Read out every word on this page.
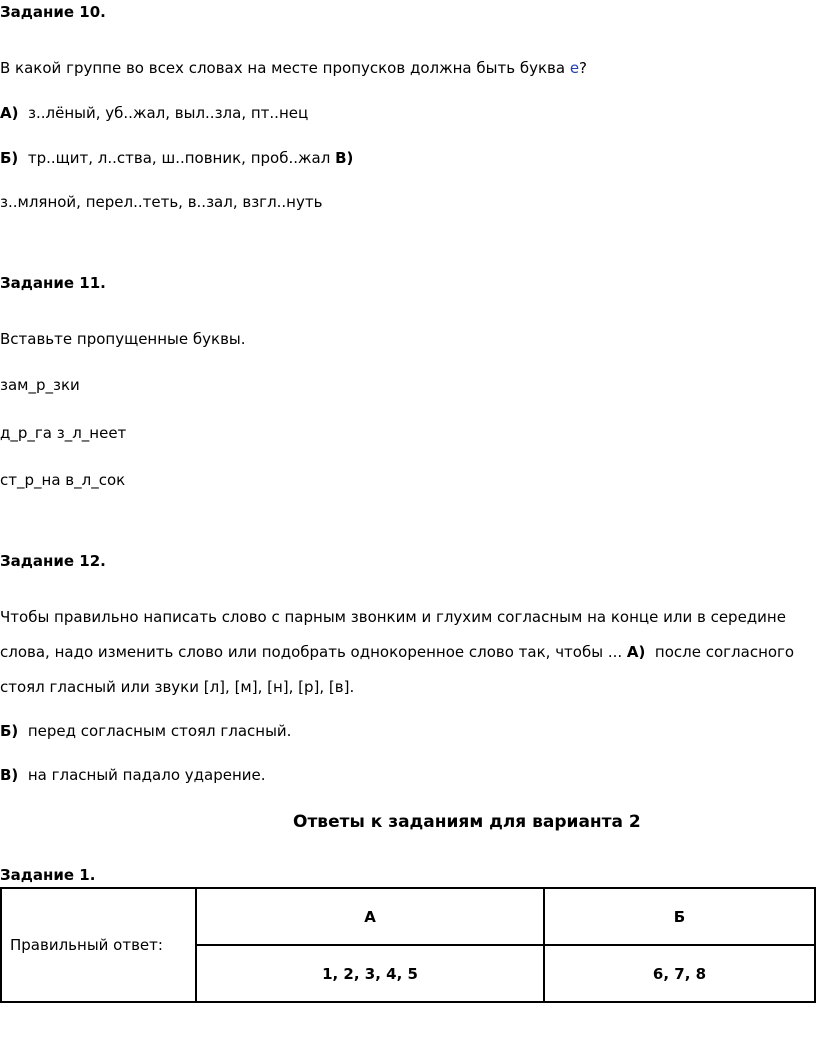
Задание 10.
В какой группе во всех словах на месте пропусков должна быть буква е?
А) з..лёный, уб..жал, выл..зла, пт..нец
Б) тр..щит, л..ства, ш..повник, проб..жал В)
з..мляной, перел..теть, в..зал, взгл..нуть
Задание 11.
Вставьте пропущенные буквы.
зам_р_зки
д_р_га з_л_неет
ст_р_на в_л_сок
Задание 12.
Чтобы правильно написать слово с парным звонким и глухим согласным на конце или в середине
слова, надо изменить слово или подобрать однокоренное слово так, чтобы ... А) после согласного
стоял гласный или звуки [л], [м], [н], [р], [в].
Б) перед согласным стоял гласный.
В) на гласный падало ударение.
Ответы к заданиям для варианта 2
Задание 1.
Правильный ответ:	А	Б
	1, 2, 3, 4, 5	6, 7, 8
